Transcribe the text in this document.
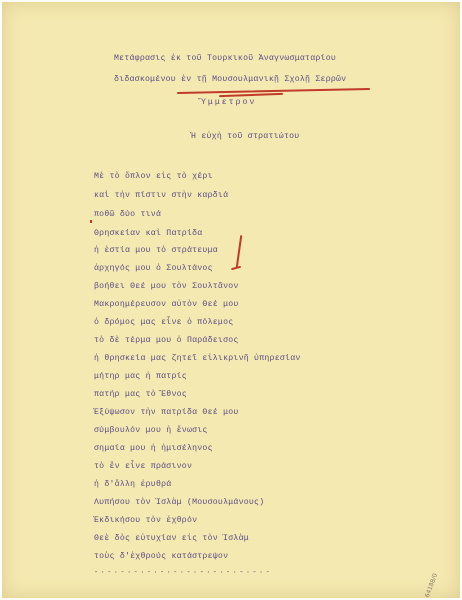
Μετάφρασις ἐκ τοῦ Τουρκικοῦ Ἀναγνωσματαρίου
διδασκομένου ἐν τῇ Μουσουλμανικῇ Σχολῇ Σερρῶν
Ὕμμετρον
Ἡ εὐχὴ τοῦ στρατιώτου
Μὲ τὸ ὅπλον εἰς τὸ χέρι
καὶ τὴν πίστιν στὴν καρδιά
ποθῶ δύο τινά
Θρησκείαν καὶ Πατρίδα
ἡ ἑστία μου τὸ στράτευμα
ἀρχηγός μου ὁ Σουλτάνος
βοήθει Θεέ μου τὸν Σουλτᾶνον
Μακροημέρευσον αὐτὸν Θεέ μου
ὁ δρόμος μας εἶνε ὁ πόλεμος
τὸ δὲ τέρμα μου ὁ Παράδεισος
ἡ θρησκεία μας ζητεῖ εἰλικρινῆ ὑπηρεσίαν
μήτηρ μας ἡ πατρίς
πατήρ μας τὸ Ἔθνος
Ἐξύψωσον τὴν πατρίδα Θεέ μου
σύμβουλόν μου ἡ ἕνωσις
σημαία μου ἡ ἡμισέληνος
τὸ ἓν εἶνε πράσινον
ἡ δ'ἄλλη ἐρυθρά
Λυπήσου τὸν Ἰσλὰμ (Μουσουλμάνους)
Ἐκδικήσου τὸν ἐχθρόν
Θεὲ δὸς εὐτυχίαν εἰς τὸν Ἰσλὰμ
τοὺς δ'ἐχθρούς κατάστρεψον
-·-·-·-·-·-·-·-·-·-·-·-·-·-	64188/0
